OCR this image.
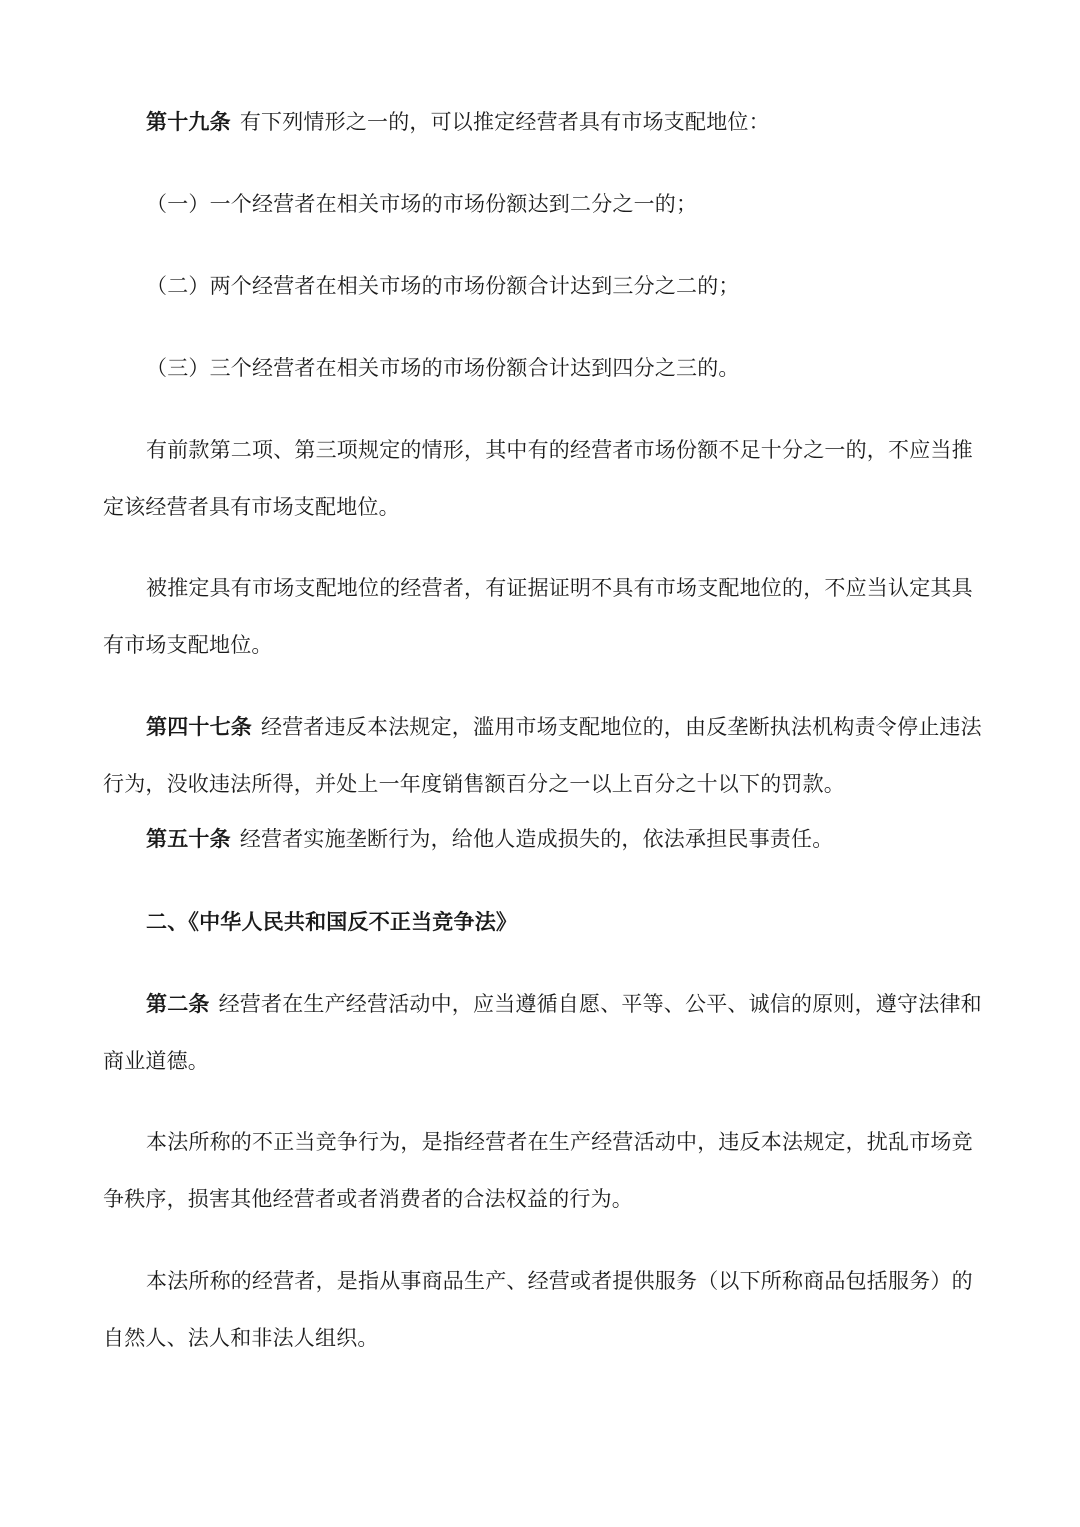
第十九条 有下列情形之一的，可以推定经营者具有市场支配地位：

（一）一个经营者在相关市场的市场份额达到二分之一的；

（二）两个经营者在相关市场的市场份额合计达到三分之二的；

（三）三个经营者在相关市场的市场份额合计达到四分之三的。

有前款第二项、第三项规定的情形，其中有的经营者市场份额不足十分之一的，不应当推定该经营者具有市场支配地位。

被推定具有市场支配地位的经营者，有证据证明不具有市场支配地位的，不应当认定其具有市场支配地位。

第四十七条 经营者违反本法规定，滥用市场支配地位的，由反垄断执法机构责令停止违法行为，没收违法所得，并处上一年度销售额百分之一以上百分之十以下的罚款。

第五十条 经营者实施垄断行为，给他人造成损失的，依法承担民事责任。

二、《中华人民共和国反不正当竞争法》

第二条 经营者在生产经营活动中，应当遵循自愿、平等、公平、诚信的原则，遵守法律和商业道德。

本法所称的不正当竞争行为，是指经营者在生产经营活动中，违反本法规定，扰乱市场竞争秩序，损害其他经营者或者消费者的合法权益的行为。

本法所称的经营者，是指从事商品生产、经营或者提供服务（以下所称商品包括服务）的自然人、法人和非法人组织。
